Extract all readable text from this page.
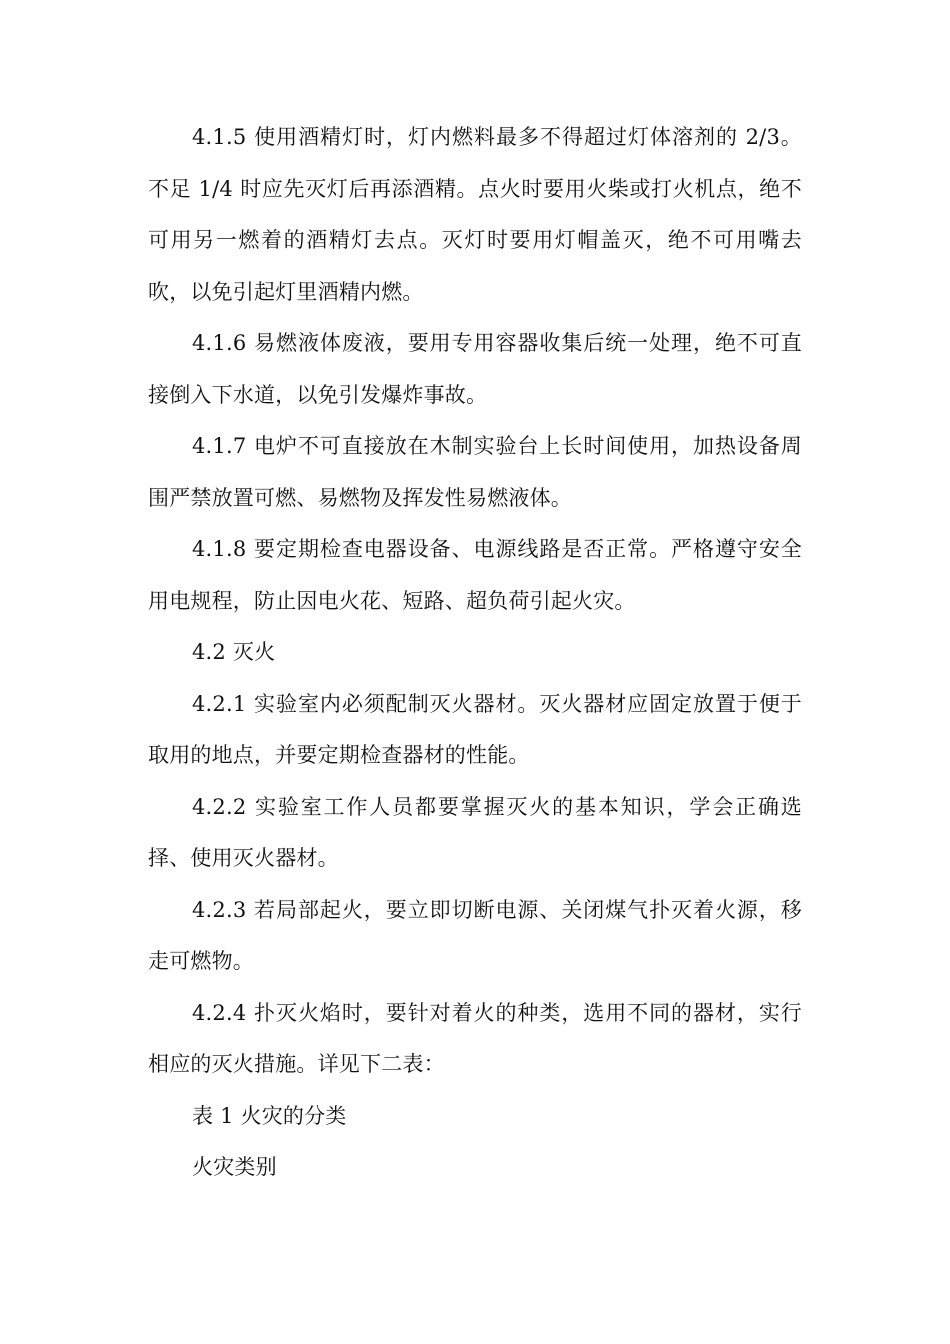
4.1.5 使用酒精灯时，灯内燃料最多不得超过灯体溶剂的 2/3。不足 1/4 时应先灭灯后再添酒精。点火时要用火柴或打火机点，绝不可用另一燃着的酒精灯去点。灭灯时要用灯帽盖灭，绝不可用嘴去吹，以免引起灯里酒精内燃。

4.1.6 易燃液体废液，要用专用容器收集后统一处理，绝不可直接倒入下水道，以免引发爆炸事故。

4.1.7 电炉不可直接放在木制实验台上长时间使用，加热设备周围严禁放置可燃、易燃物及挥发性易燃液体。

4.1.8 要定期检查电器设备、电源线路是否正常。严格遵守安全用电规程，防止因电火花、短路、超负荷引起火灾。

4.2 灭火

4.2.1 实验室内必须配制灭火器材。灭火器材应固定放置于便于取用的地点，并要定期检查器材的性能。

4.2.2 实验室工作人员都要掌握灭火的基本知识，学会正确选择、使用灭火器材。

4.2.3 若局部起火，要立即切断电源、关闭煤气扑灭着火源，移走可燃物。

4.2.4 扑灭火焰时，要针对着火的种类，选用不同的器材，实行相应的灭火措施。详见下二表：

表 1 火灾的分类

火灾类别
